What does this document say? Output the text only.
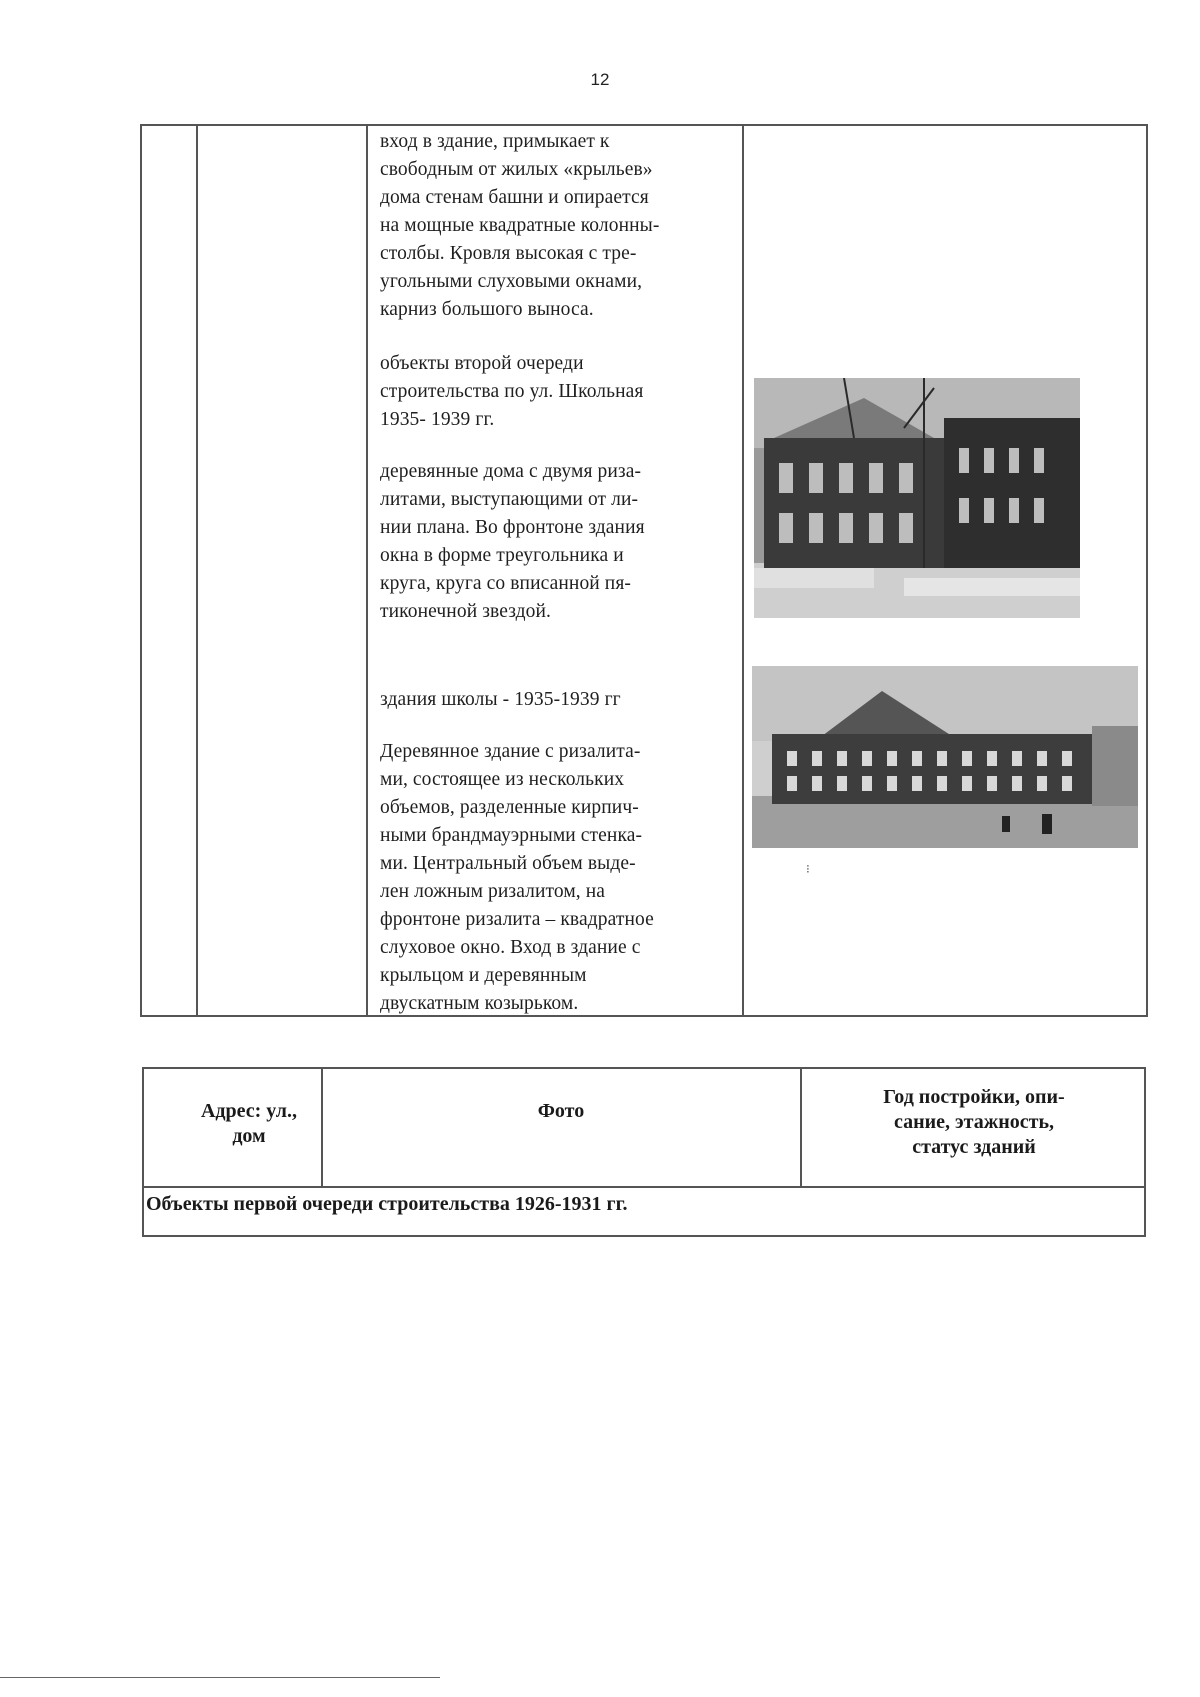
12

вход в здание, примыкает к
свободным от жилых «крыльев»
дома стенам башни и опирается
на мощные квадратные колонны-
столбы. Кровля высокая с тре-
угольными слуховыми окнами,
карниз большого выноса.

объекты второй очереди
строительства по ул. Школьная
1935- 1939 гг.

деревянные дома с двумя риза-
литами, выступающими от ли-
нии плана. Во фронтоне здания
окна в форме треугольника и
круга, круга со вписанной пя-
тиконечной звездой.

здания школы - 1935-1939 гг

Деревянное здание с ризалита-
ми, состоящее из нескольких
объемов, разделенные кирпич-
ными брандмауэрными стенка-
ми. Центральный объем выде-
лен ложным ризалитом, на
фронтоне ризалита – квадратное
слуховое окно. Вход в здание с
крыльцом и деревянным
двускатным козырьком.

⁝
Адрес: ул.,
дом
Фото
Год постройки, опи-
сание, этажность,
статус зданий
Объекты первой очереди строительства 1926-1931 гг.
